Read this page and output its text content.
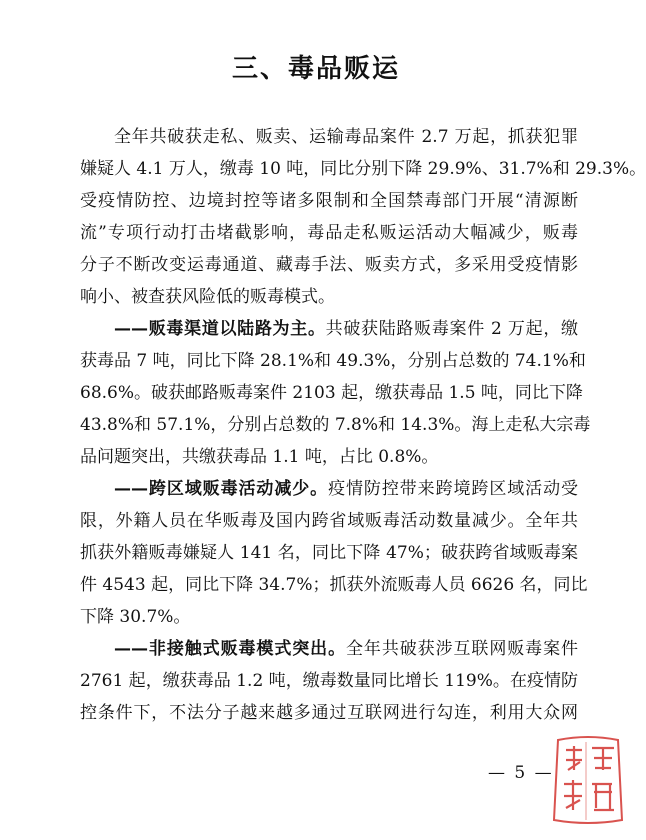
三、毒品贩运
全年共破获走私、贩卖、运输毒品案件 2.7 万起，抓获犯罪
嫌疑人 4.1 万人，缴毒 10 吨，同比分别下降 29.9%、31.7%和 29.3%。
受疫情防控、边境封控等诸多限制和全国禁毒部门开展“清源断
流”专项行动打击堵截影响，毒品走私贩运活动大幅减少，贩毒
分子不断改变运毒通道、藏毒手法、贩卖方式，多采用受疫情影
响小、被查获风险低的贩毒模式。
——贩毒渠道以陆路为主。共破获陆路贩毒案件 2 万起，缴
获毒品 7 吨，同比下降 28.1%和 49.3%，分别占总数的 74.1%和
68.6%。破获邮路贩毒案件 2103 起，缴获毒品 1.5 吨，同比下降
43.8%和 57.1%，分别占总数的 7.8%和 14.3%。海上走私大宗毒
品问题突出，共缴获毒品 1.1 吨，占比 0.8%。
——跨区域贩毒活动减少。疫情防控带来跨境跨区域活动受
限，外籍人员在华贩毒及国内跨省域贩毒活动数量减少。全年共
抓获外籍贩毒嫌疑人 141 名，同比下降 47%；破获跨省域贩毒案
件 4543 起，同比下降 34.7%；抓获外流贩毒人员 6626 名，同比
下降 30.7%。
——非接触式贩毒模式突出。全年共破获涉互联网贩毒案件
2761 起，缴获毒品 1.2 吨，缴毒数量同比增长 119%。在疫情防
控条件下，不法分子越来越多通过互联网进行勾连，利用大众网
— 5 —
